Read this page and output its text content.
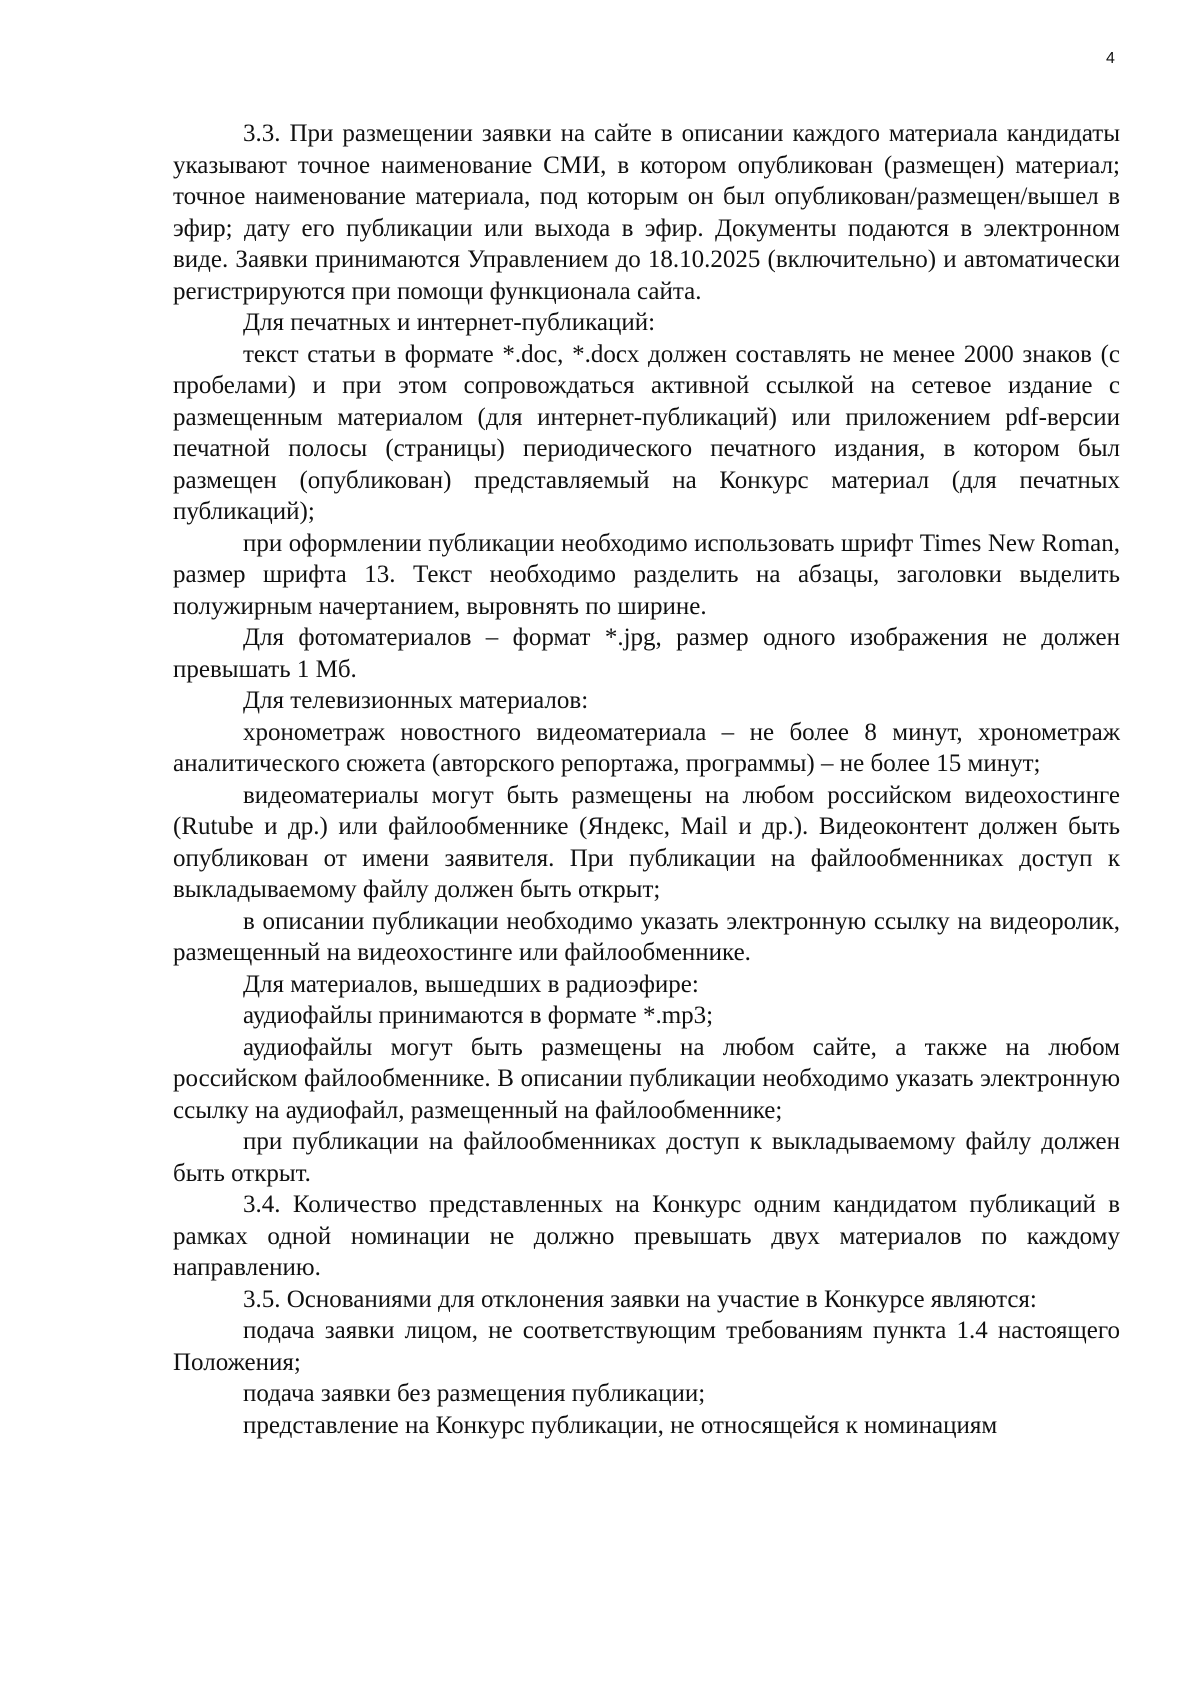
4

3.3. При размещении заявки на сайте в описании каждого материала кандидаты указывают точное наименование СМИ, в котором опубликован (размещен) материал; точное наименование материала, под которым он был опубликован/размещен/вышел в эфир; дату его публикации или выхода в эфир. Документы подаются в электронном виде. Заявки принимаются Управлением до 18.10.2025 (включительно) и автоматически регистрируются при помощи функционала сайта.

Для печатных и интернет-публикаций:

текст статьи в формате *.doc, *.docx должен составлять не менее 2000 знаков (с пробелами) и при этом сопровождаться активной ссылкой на сетевое издание с размещенным материалом (для интернет-публикаций) или приложением pdf-версии печатной полосы (страницы) периодического печатного издания, в котором был размещен (опубликован) представляемый на Конкурс материал (для печатных публикаций);

при оформлении публикации необходимо использовать шрифт Times New Roman, размер шрифта 13. Текст необходимо разделить на абзацы, заголовки выделить полужирным начертанием, выровнять по ширине.

Для фотоматериалов – формат *.jpg, размер одного изображения не должен превышать 1 Мб.

Для телевизионных материалов:

хронометраж новостного видеоматериала – не более 8 минут, хронометраж аналитического сюжета (авторского репортажа, программы) – не более 15 минут;

видеоматериалы могут быть размещены на любом российском видеохостинге (Rutube и др.) или файлообменнике (Яндекс, Mail и др.). Видеоконтент должен быть опубликован от имени заявителя. При публикации на файлообменниках доступ к выкладываемому файлу должен быть открыт;

в описании публикации необходимо указать электронную ссылку на видеоролик, размещенный на видеохостинге или файлообменнике.

Для материалов, вышедших в радиоэфире:

аудиофайлы принимаются в формате *.mp3;

аудиофайлы могут быть размещены на любом сайте, а также на любом российском файлообменнике. В описании публикации необходимо указать электронную ссылку на аудиофайл, размещенный на файлообменнике;

при публикации на файлообменниках доступ к выкладываемому файлу должен быть открыт.

3.4. Количество представленных на Конкурс одним кандидатом публикаций в рамках одной номинации не должно превышать двух материалов по каждому направлению.

3.5. Основаниями для отклонения заявки на участие в Конкурсе являются:

подача заявки лицом, не соответствующим требованиям пункта 1.4 настоящего Положения;

подача заявки без размещения публикации;

представление на Конкурс публикации, не относящейся к номинациям
